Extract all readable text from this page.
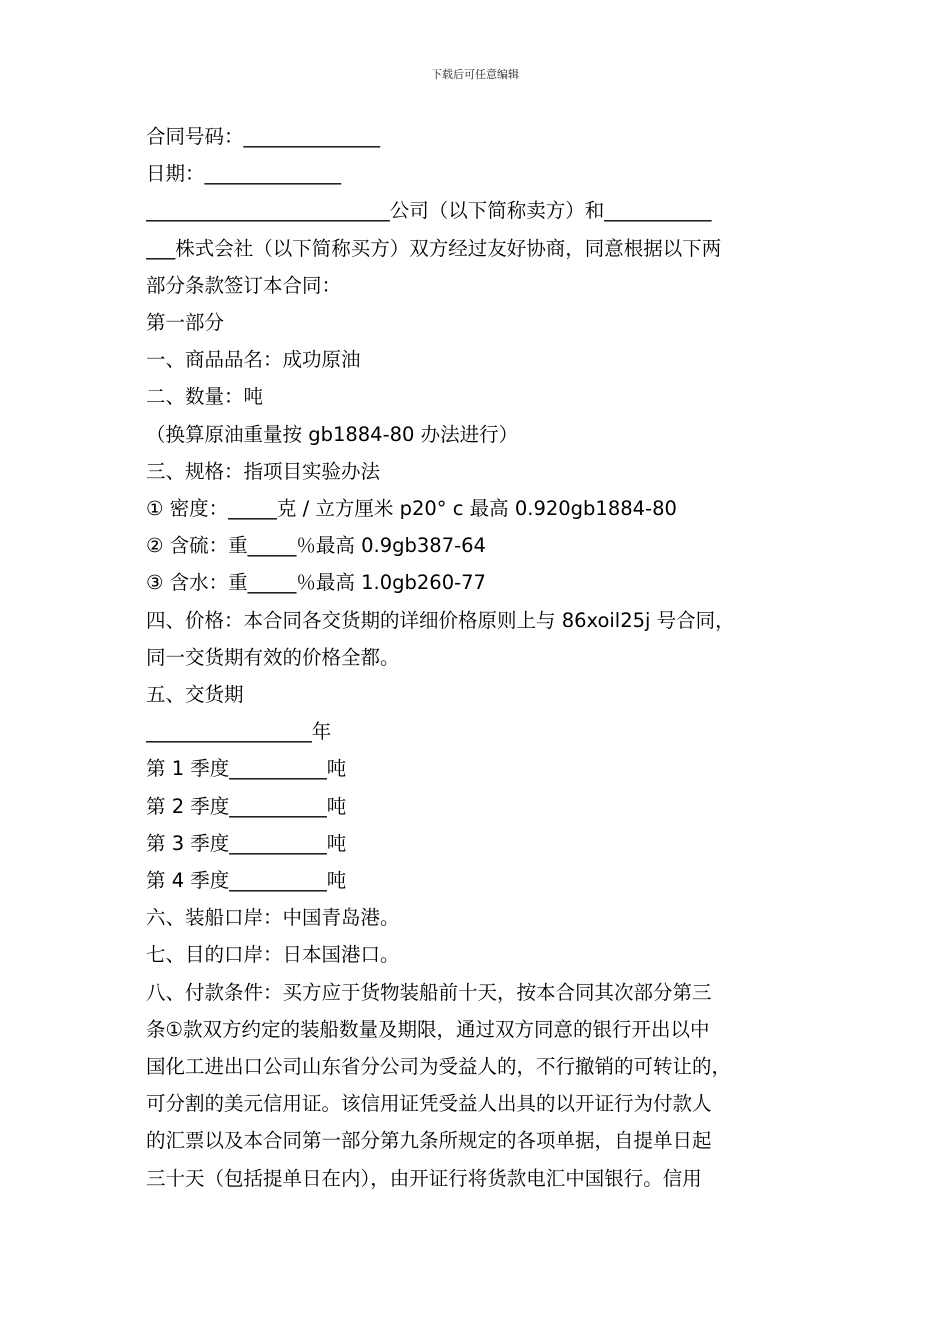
下载后可任意编辑
合同号码：______________
日期：______________
_________________________公司（以下简称卖方）和___________
___株式会社（以下简称买方）双方经过友好协商，同意根据以下两
部分条款签订本合同：
第一部分
一、商品品名：成功原油
二、数量：吨
（换算原油重量按 gb1884-80 办法进行）
三、规格：指项目实验办法
① 密度：_____克 / 立方厘米 p20° c 最高 0.920gb1884-80
② 含硫：重_____％最高 0.9gb387-64
③ 含水：重_____％最高 1.0gb260-77
四、价格：本合同各交货期的详细价格原则上与 86xoil25j 号合同，
同一交货期有效的价格全都。
五、交货期
_________________年
第 1 季度__________吨
第 2 季度__________吨
第 3 季度__________吨
第 4 季度__________吨
六、装船口岸：中国青岛港。
七、目的口岸：日本国港口。
八、付款条件：买方应于货物装船前十天，按本合同其次部分第三
条①款双方约定的装船数量及期限，通过双方同意的银行开出以中
国化工进出口公司山东省分公司为受益人的，不行撤销的可转让的，
可分割的美元信用证。该信用证凭受益人出具的以开证行为付款人
的汇票以及本合同第一部分第九条所规定的各项单据，自提单日起
三十天（包括提单日在内），由开证行将货款电汇中国银行。信用
